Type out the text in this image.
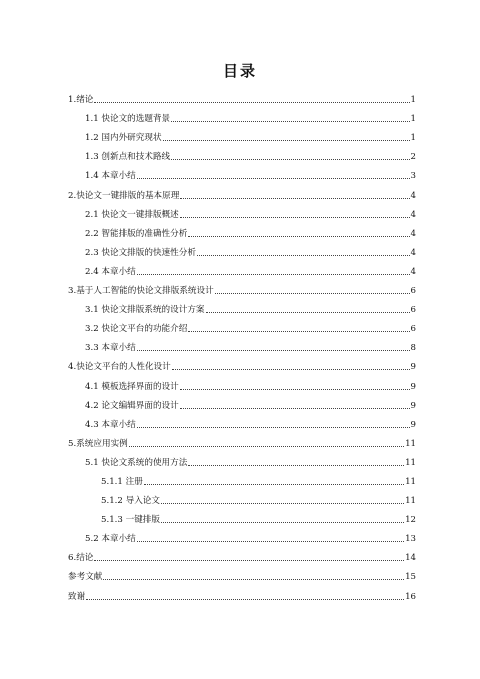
目录
1.绪论	1
1.1 快论文的选题背景	1
1.2 国内外研究现状	1
1.3 创新点和技术路线	2
1.4 本章小结	3
2.快论文一键排版的基本原理	4
2.1 快论文一键排版概述	4
2.2 智能排版的准确性分析	4
2.3 快论文排版的快速性分析	4
2.4 本章小结	4
3.基于人工智能的快论文排版系统设计	6
3.1 快论文排版系统的设计方案	6
3.2 快论文平台的功能介绍	6
3.3 本章小结	8
4.快论文平台的人性化设计	9
4.1 模板选择界面的设计	9
4.2 论文编辑界面的设计	9
4.3 本章小结	9
5.系统应用实例	11
5.1 快论文系统的使用方法	11
5.1.1 注册	11
5.1.2 导入论文	11
5.1.3 一键排版	12
5.2 本章小结	13
6.结论	14
参考文献	15
致谢	16
